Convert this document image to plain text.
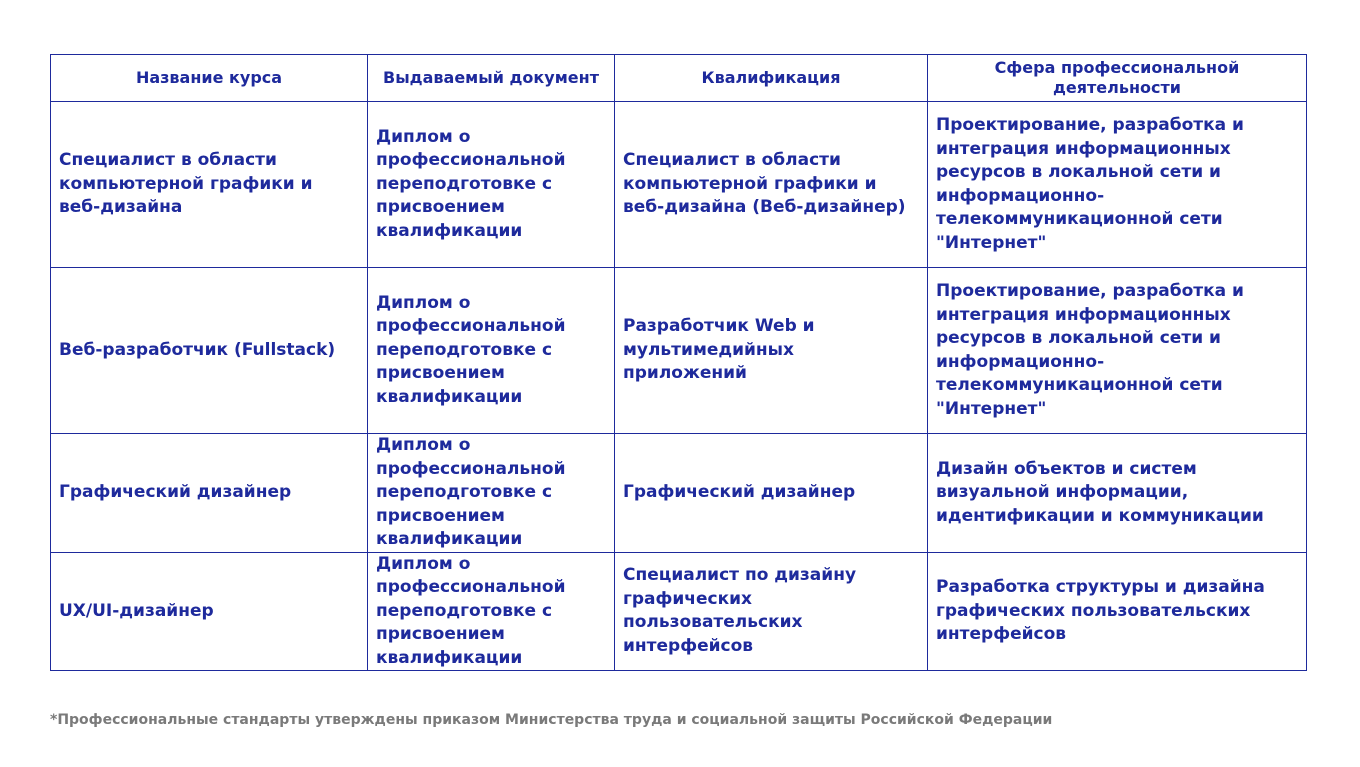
Название курса	Выдаваемый документ	Квалификация	Сфера профессиональной деятельности
Специалист в области компьютерной графики и веб-дизайна	Диплом о профессиональной переподготовке с присвоением квалификации	Специалист в области компьютерной графики и веб-дизайна (Веб-дизайнер)	Проектирование, разработка и интеграция информационных ресурсов в локальной сети и информационно-телекоммуникационной сети "Интернет"
Веб-разработчик (Fullstack)	Диплом о профессиональной переподготовке с присвоением квалификации	Разработчик Web и мультимедийных приложений	Проектирование, разработка и интеграция информационных ресурсов в локальной сети и информационно-телекоммуникационной сети "Интернет"
Графический дизайнер	Диплом о профессиональной переподготовке с присвоением квалификации	Графический дизайнер	Дизайн объектов и систем визуальной информации, идентификации и коммуникации
UX/UI-дизайнер	Диплом о профессиональной переподготовке с присвоением квалификации	Специалист по дизайну графических пользовательских интерфейсов	Разработка структуры и дизайна графических пользовательских интерфейсов
*Профессиональные стандарты утверждены приказом Министерства труда и социальной защиты Российской Федерации
